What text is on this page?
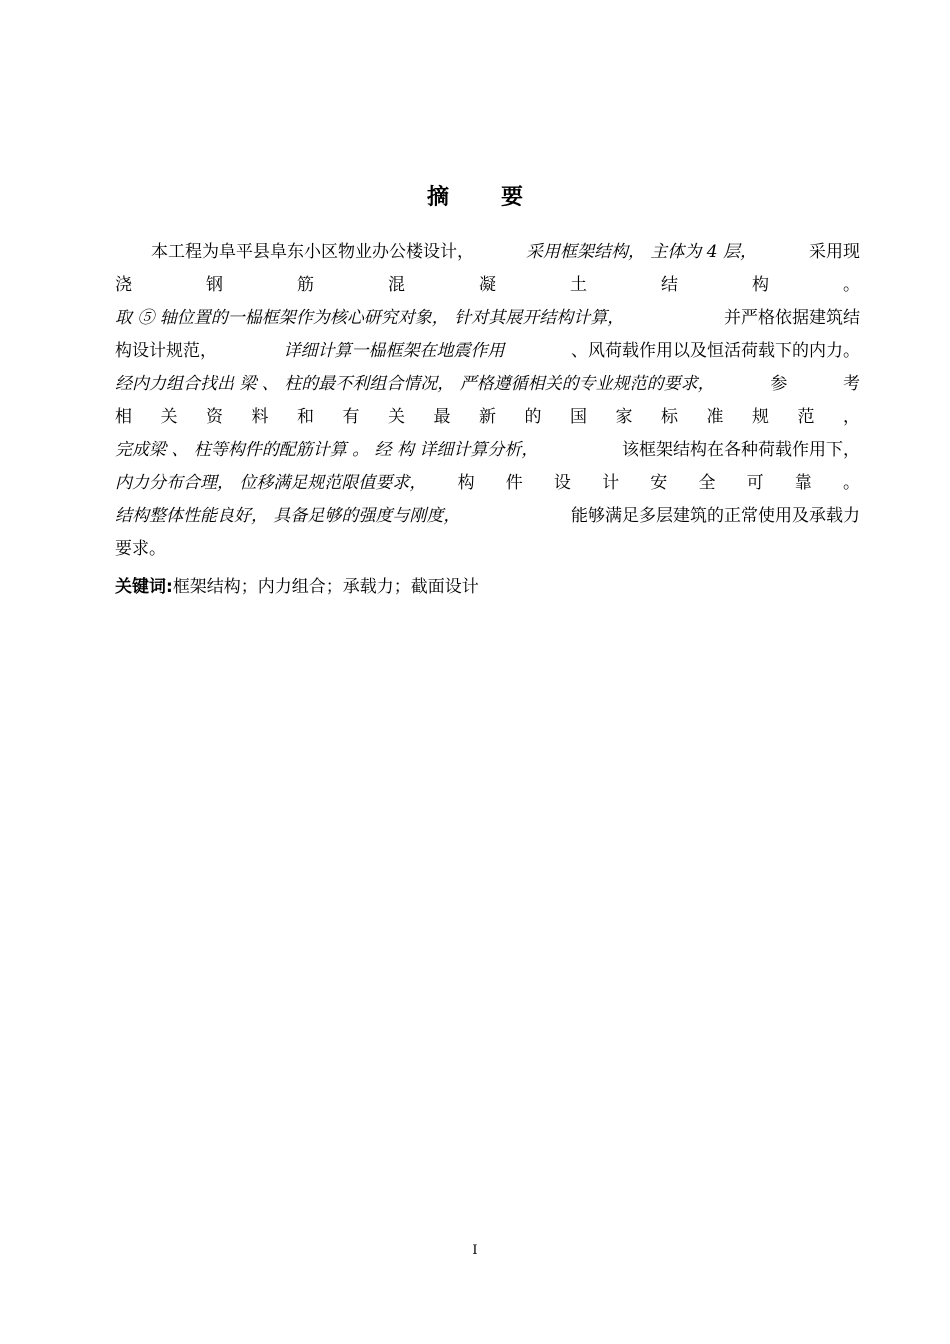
摘 要
本工程为阜平县阜东小区物业办公楼设计，	采用框架结构， 主体为 4 层，	采用现
浇	钢	筋	混	凝	土	结	构	。
取 ⑤ 轴位置的一榀框架作为核心研究对象， 针对其展开结构计算，	并严格依据建筑结
构设计规范，	详细计算一榀框架在地震作用	、风荷载作用以及恒活荷载下的内力。
经内力组合找出 梁 、 柱的最不利组合情况， 严格遵循相关的专业规范的要求，	参	考
相 关 资 料 和 有 关 最 新 的 国 家 标 准 规 范 ，
完成梁 、 柱等构件的配筋计算 。 经 构 详细计算分析，	该框架结构在各种荷载作用下，
内力分布合理， 位移满足规范限值要求， 构 件 设 计 安 全 可 靠 。
结构整体性能良好， 具备足够的强度与刚度，	能够满足多层建筑的正常使用及承载力
要求。
关键词:框架结构；内力组合；承载力；截面设计
I
